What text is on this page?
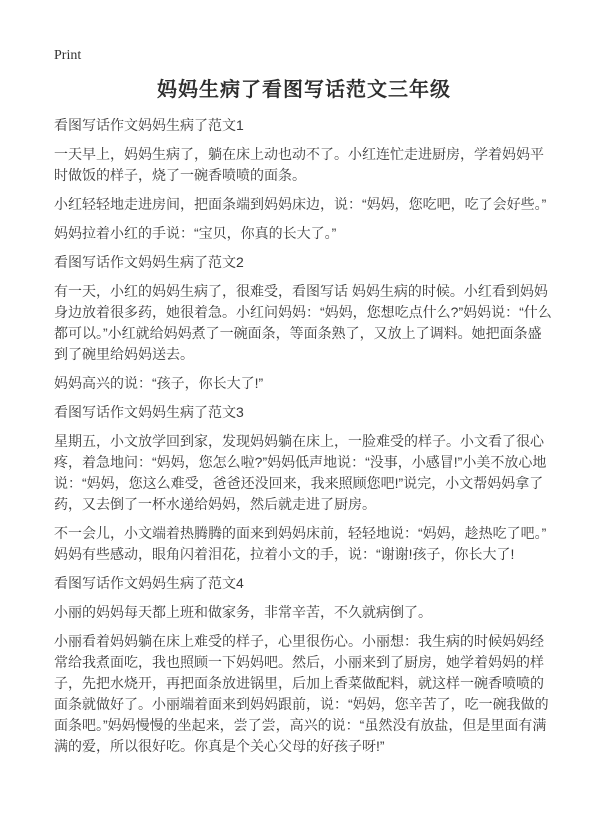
Print
妈妈生病了看图写话范文三年级

看图写话作文妈妈生病了范文1

一天早上，妈妈生病了，躺在床上动也动不了。小红连忙走进厨房，学着妈妈平时做饭的样子，烧了一碗香喷喷的面条。

小红轻轻地走进房间，把面条端到妈妈床边，说：“妈妈，您吃吧，吃了会好些。”

妈妈拉着小红的手说：“宝贝，你真的长大了。”

看图写话作文妈妈生病了范文2

有一天，小红的妈妈生病了，很难受，看图写话 妈妈生病的时候。小红看到妈妈身边放着很多药，她很着急。小红问妈妈：“妈妈，您想吃点什么?”妈妈说：“什么都可以。”小红就给妈妈煮了一碗面条，等面条熟了，又放上了调料。她把面条盛到了碗里给妈妈送去。

妈妈高兴的说：“孩子，你长大了!”

看图写话作文妈妈生病了范文3

星期五，小文放学回到家，发现妈妈躺在床上，一脸难受的样子。小文看了很心疼，着急地问：“妈妈，您怎么啦?”妈妈低声地说：“没事，小感冒!”小美不放心地说：“妈妈，您这么难受，爸爸还没回来，我来照顾您吧!”说完，小文帮妈妈拿了药，又去倒了一杯水递给妈妈，然后就走进了厨房。

不一会儿，小文端着热腾腾的面来到妈妈床前，轻轻地说：“妈妈，趁热吃了吧。”妈妈有些感动，眼角闪着泪花，拉着小文的手，说：“谢谢!孩子，你长大了!

看图写话作文妈妈生病了范文4

小丽的妈妈每天都上班和做家务，非常辛苦，不久就病倒了。

小丽看着妈妈躺在床上难受的样子，心里很伤心。小丽想：我生病的时候妈妈经常给我煮面吃，我也照顾一下妈妈吧。然后，小丽来到了厨房，她学着妈妈的样子，先把水烧开，再把面条放进锅里，后加上香菜做配料，就这样一碗香喷喷的面条就做好了。小丽端着面来到妈妈跟前，说：“妈妈，您辛苦了，吃一碗我做的面条吧。”妈妈慢慢的坐起来，尝了尝，高兴的说：“虽然没有放盐，但是里面有满满的爱，所以很好吃。你真是个关心父母的好孩子呀!”
